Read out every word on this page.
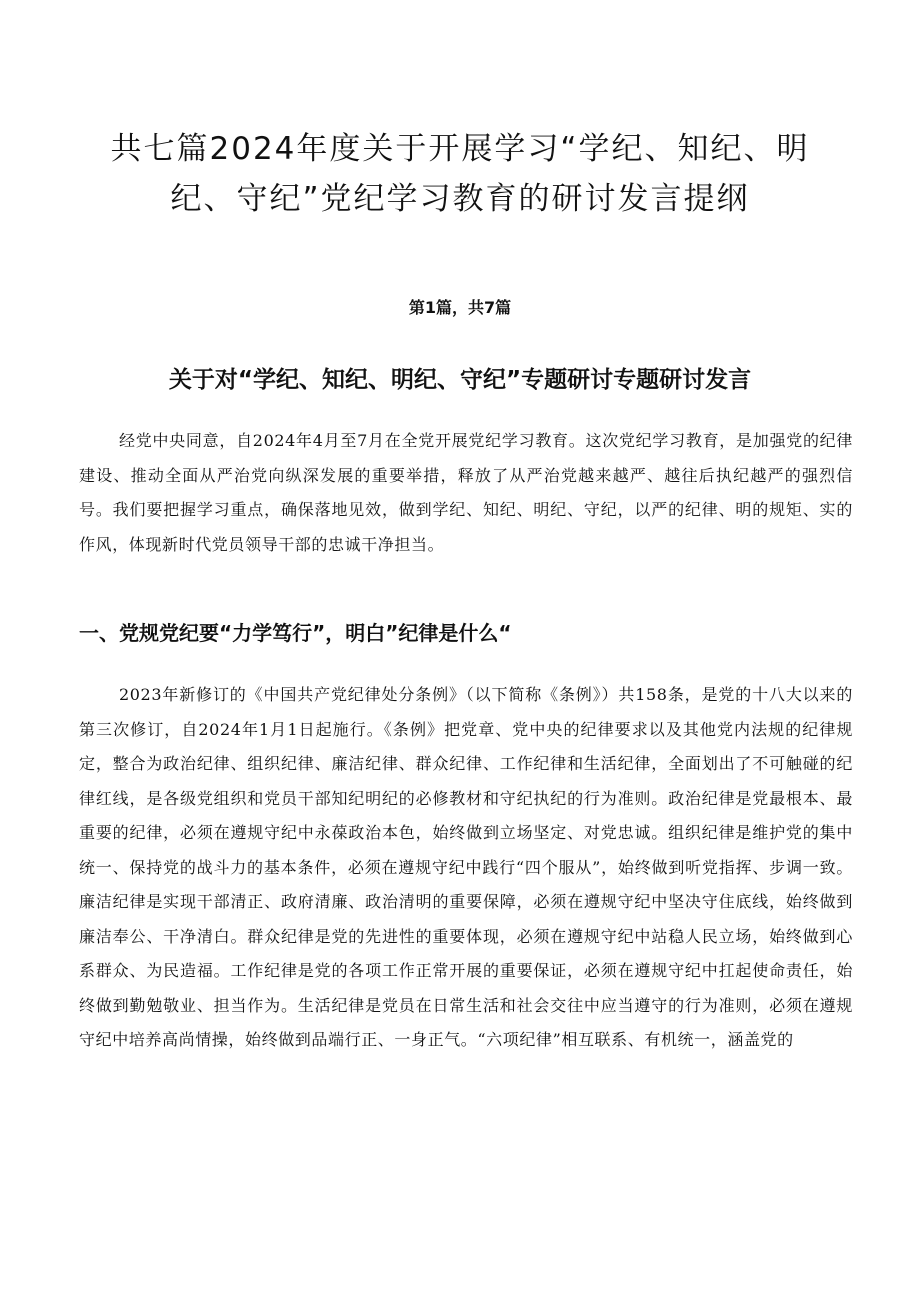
共七篇2024年度关于开展学习“学纪、知纪、明纪、守纪”党纪学习教育的研讨发言提纲
第1篇，共7篇
关于对“学纪、知纪、明纪、守纪”专题研讨专题研讨发言

经党中央同意，自2024年4月至7月在全党开展党纪学习教育。这次党纪学习教育，是加强党的纪律建设、推动全面从严治党向纵深发展的重要举措，释放了从严治党越来越严、越往后执纪越严的强烈信号。我们要把握学习重点，确保落地见效，做到学纪、知纪、明纪、守纪，以严的纪律、明的规矩、实的作风，体现新时代党员领导干部的忠诚干净担当。

一、党规党纪要“力学笃行”，明白”纪律是什么“

2023年新修订的《中国共产党纪律处分条例》（以下简称《条例》）共158条，是党的十八大以来的第三次修订，自2024年1月1日起施行。《条例》把党章、党中央的纪律要求以及其他党内法规的纪律规定，整合为政治纪律、组织纪律、廉洁纪律、群众纪律、工作纪律和生活纪律，全面划出了不可触碰的纪律红线，是各级党组织和党员干部知纪明纪的必修教材和守纪执纪的行为准则。政治纪律是党最根本、最重要的纪律，必须在遵规守纪中永葆政治本色，始终做到立场坚定、对党忠诚。组织纪律是维护党的集中统一、保持党的战斗力的基本条件，必须在遵规守纪中践行“四个服从”，始终做到听党指挥、步调一致。廉洁纪律是实现干部清正、政府清廉、政治清明的重要保障，必须在遵规守纪中坚决守住底线，始终做到廉洁奉公、干净清白。群众纪律是党的先进性的重要体现，必须在遵规守纪中站稳人民立场，始终做到心系群众、为民造福。工作纪律是党的各项工作正常开展的重要保证，必须在遵规守纪中扛起使命责任，始终做到勤勉敬业、担当作为。生活纪律是党员在日常生活和社会交往中应当遵守的行为准则，必须在遵规守纪中培养高尚情操，始终做到品端行正、一身正气。“六项纪律”相互联系、有机统一，涵盖党的
